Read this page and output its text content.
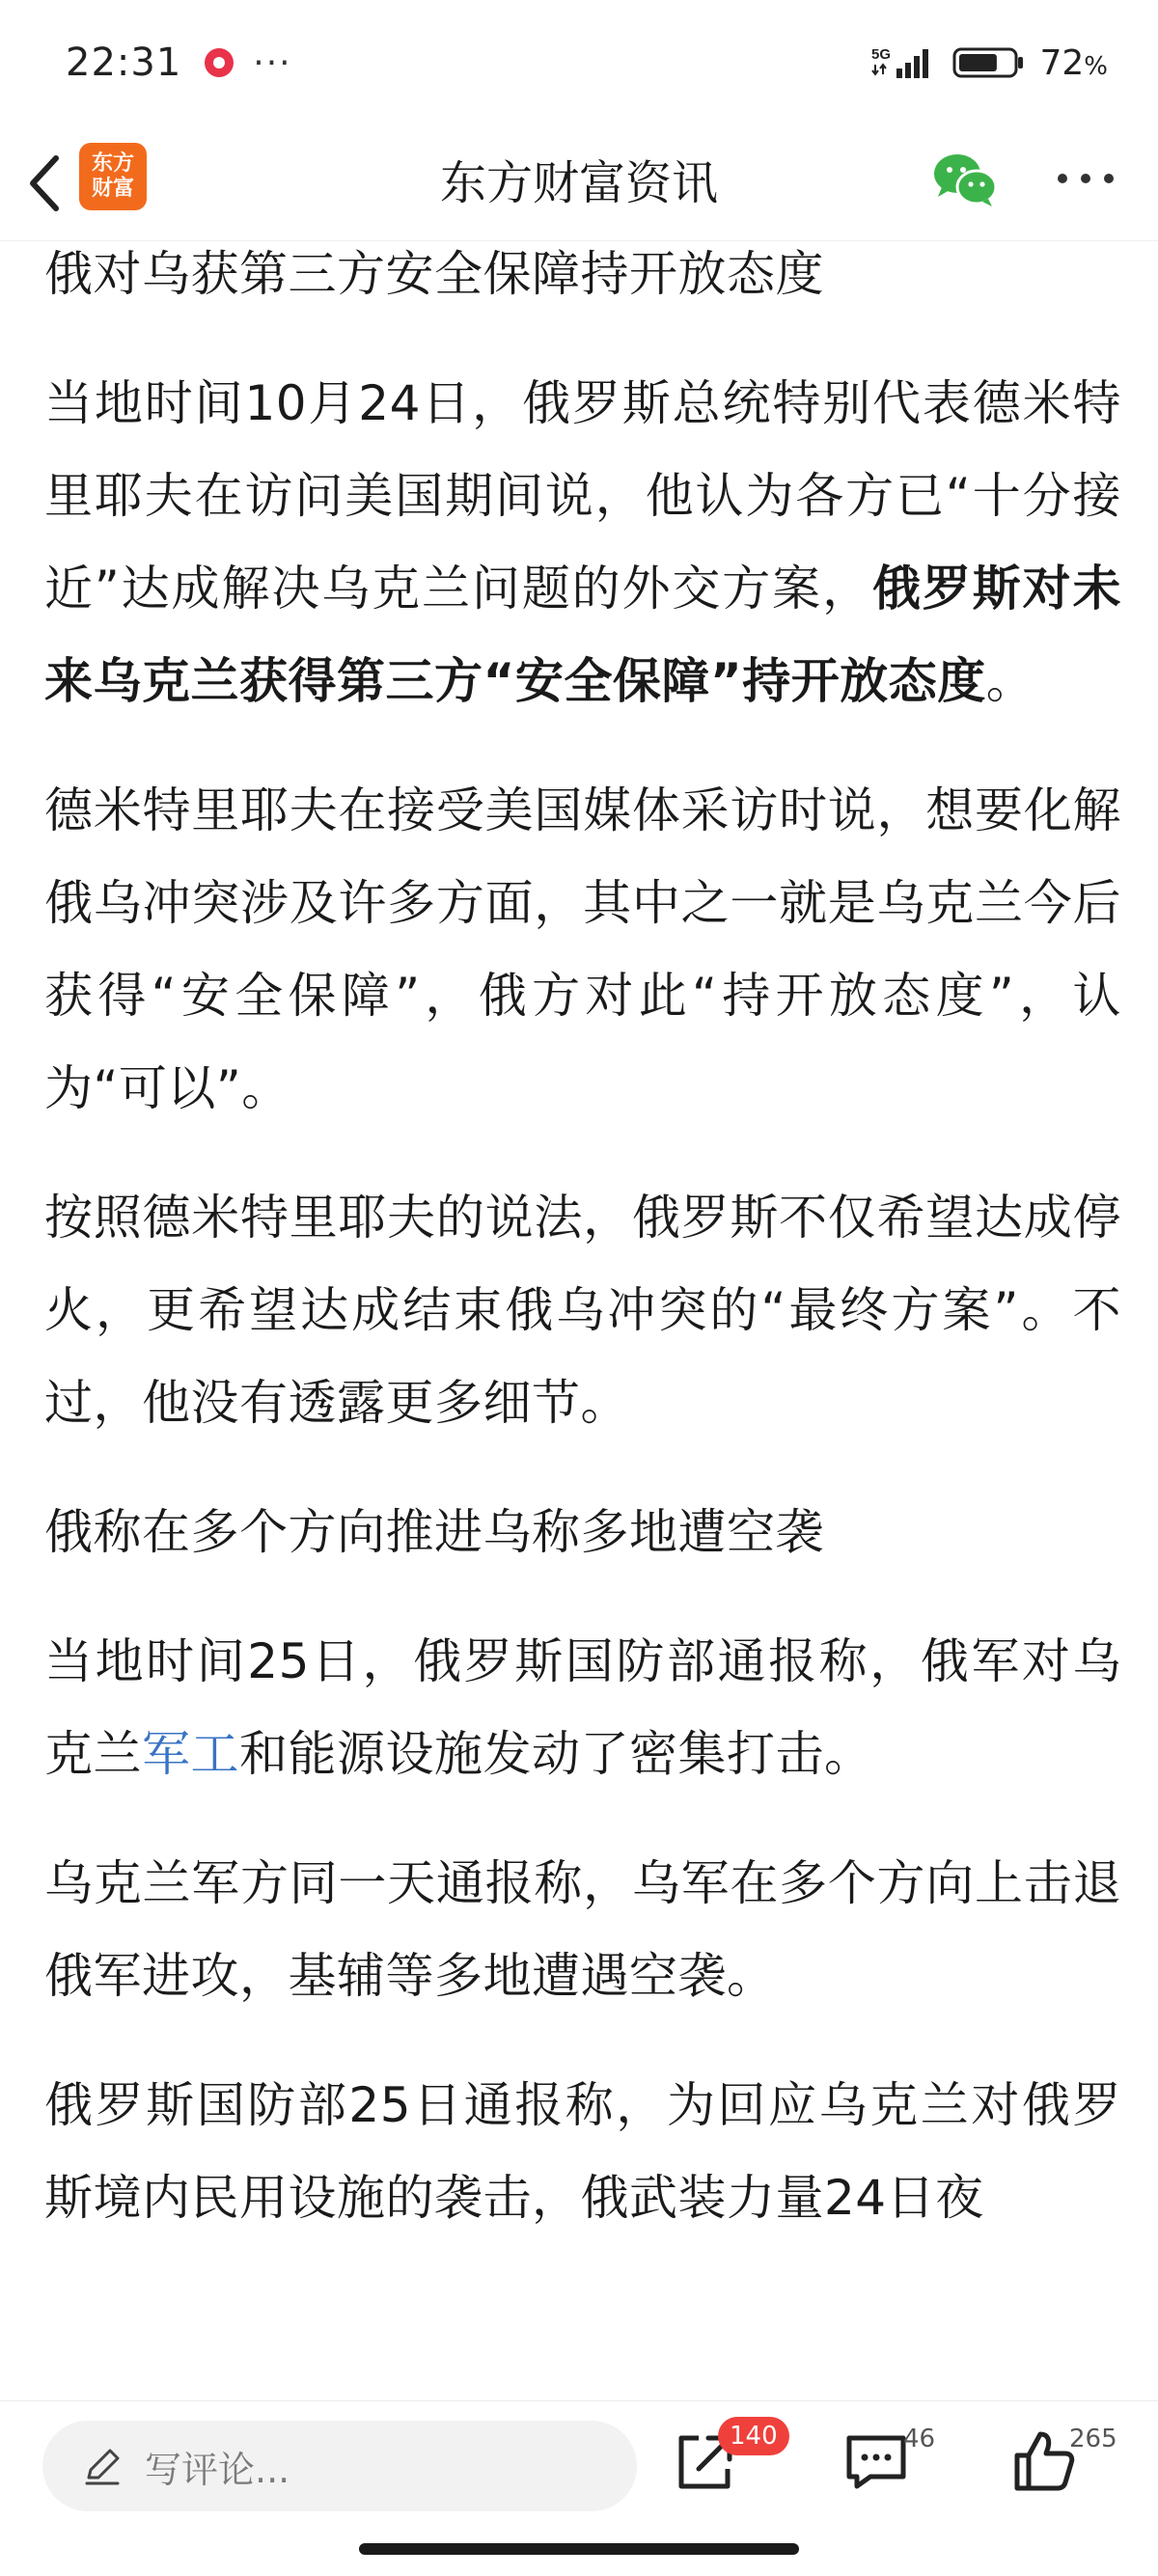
22:31 ···	5G	72%
东方
财富	东方财富资讯

俄对乌获第三方安全保障持开放态度

当地时间10月24日，俄罗斯总统特别代表德米特里耶夫在访问美国期间说，他认为各方已“十分接近”达成解决乌克兰问题的外交方案，俄罗斯对未来乌克兰获得第三方“安全保障”持开放态度。

德米特里耶夫在接受美国媒体采访时说，想要化解俄乌冲突涉及许多方面，其中之一就是乌克兰今后获得“安全保障”，俄方对此“持开放态度”，认为“可以”。

按照德米特里耶夫的说法，俄罗斯不仅希望达成停火，更希望达成结束俄乌冲突的“最终方案”。不过，他没有透露更多细节。

俄称在多个方向推进乌称多地遭空袭

当地时间25日，俄罗斯国防部通报称，俄军对乌克兰军工和能源设施发动了密集打击。

乌克兰军方同一天通报称，乌军在多个方向上击退俄军进攻，基辅等多地遭遇空袭。

俄罗斯国防部25日通报称，为回应乌克兰对俄罗斯境内民用设施的袭击，俄武装力量24日夜

写评论...
140	46	265
